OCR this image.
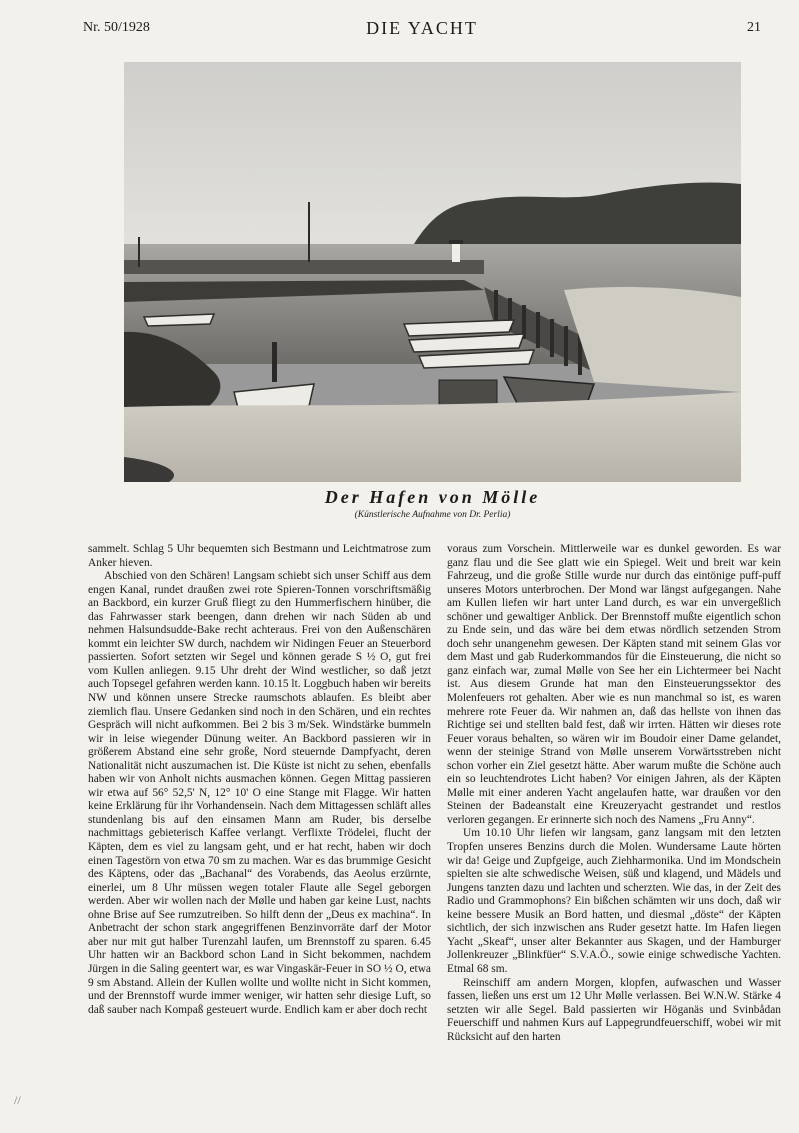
Nr. 50/1928	DIE YACHT	21
Der Hafen von Mölle
(Künstlerische Aufnahme von Dr. Perlia)

sammelt. Schlag 5 Uhr bequemten sich Bestmann und Leichtmatrose zum Anker hieven.

Abschied von den Schären! Langsam schiebt sich unser Schiff aus dem engen Kanal, rundet draußen zwei rote Spieren-Tonnen vorschriftsmäßig an Backbord, ein kurzer Gruß fliegt zu den Hummerfischern hinüber, die das Fahrwasser stark beengen, dann drehen wir nach Süden ab und nehmen Halsundsudde-Bake recht achteraus. Frei von den Außenschären kommt ein leichter SW durch, nachdem wir Nidingen Feuer an Steuerbord passierten. Sofort setzten wir Segel und können gerade S ½ O, gut frei vom Kullen anliegen. 9.15 Uhr dreht der Wind westlicher, so daß jetzt auch Topsegel gefahren werden kann. 10.15 lt. Loggbuch haben wir bereits NW und können unsere Strecke raumschots ablaufen. Es bleibt aber ziemlich flau. Unsere Gedanken sind noch in den Schären, und ein rechtes Gespräch will nicht aufkommen. Bei 2 bis 3 m/Sek. Windstärke bummeln wir in leise wiegender Dünung weiter. An Backbord passieren wir in größerem Abstand eine sehr große, Nord steuernde Dampfyacht, deren Nationalität nicht auszumachen ist. Die Küste ist nicht zu sehen, ebenfalls haben wir von Anholt nichts ausmachen können. Gegen Mittag passieren wir etwa auf 56° 52,5' N, 12° 10' O eine Stange mit Flagge. Wir hatten keine Erklärung für ihr Vorhandensein. Nach dem Mittagessen schläft alles stundenlang bis auf den einsamen Mann am Ruder, bis derselbe nachmittags gebieterisch Kaffee verlangt. Verflixte Trödelei, flucht der Käpten, dem es viel zu langsam geht, und er hat recht, haben wir doch einen Tagestörn von etwa 70 sm zu machen. War es das brummige Gesicht des Käptens, oder das „Bachanal“ des Vorabends, das Aeolus erzürnte, einerlei, um 8 Uhr müssen wegen totaler Flaute alle Segel geborgen werden. Aber wir wollen nach der Mølle und haben gar keine Lust, nachts ohne Brise auf See rumzutreiben. So hilft denn der „Deus ex machina“. In Anbetracht der schon stark angegriffenen Benzinvorräte darf der Motor aber nur mit gut halber Turenzahl laufen, um Brennstoff zu sparen. 6.45 Uhr hatten wir an Backbord schon Land in Sicht bekommen, nachdem Jürgen in die Saling geentert war, es war Vingaskär-Feuer in SO ½ O, etwa 9 sm Abstand. Allein der Kullen wollte und wollte nicht in Sicht kommen, und der Brennstoff wurde immer weniger, wir hatten sehr diesige Luft, so daß sauber nach Kompaß gesteuert wurde. Endlich kam er aber doch recht

voraus zum Vorschein. Mittlerweile war es dunkel geworden. Es war ganz flau und die See glatt wie ein Spiegel. Weit und breit war kein Fahrzeug, und die große Stille wurde nur durch das eintönige puff-puff unseres Motors unterbrochen. Der Mond war längst aufgegangen. Nahe am Kullen liefen wir hart unter Land durch, es war ein unvergeßlich schöner und gewaltiger Anblick. Der Brennstoff mußte eigentlich schon zu Ende sein, und das wäre bei dem etwas nördlich setzenden Strom doch sehr unangenehm gewesen. Der Käpten stand mit seinem Glas vor dem Mast und gab Ruderkommandos für die Einsteuerung, die nicht so ganz einfach war, zumal Mølle von See her ein Lichtermeer bei Nacht ist. Aus diesem Grunde hat man den Einsteuerungssektor des Molenfeuers rot gehalten. Aber wie es nun manchmal so ist, es waren mehrere rote Feuer da. Wir nahmen an, daß das hellste von ihnen das Richtige sei und stellten bald fest, daß wir irrten. Hätten wir dieses rote Feuer voraus behalten, so wären wir im Boudoir einer Dame gelandet, wenn der steinige Strand von Mølle unserem Vorwärtsstreben nicht schon vorher ein Ziel gesetzt hätte. Aber warum mußte die Schöne auch ein so leuchtendrotes Licht haben? Vor einigen Jahren, als der Käpten Mølle mit einer anderen Yacht angelaufen hatte, war draußen vor den Steinen der Badeanstalt eine Kreuzeryacht gestrandet und restlos verloren gegangen. Er erinnerte sich noch des Namens „Fru Anny“.

Um 10.10 Uhr liefen wir langsam, ganz langsam mit den letzten Tropfen unseres Benzins durch die Molen. Wundersame Laute hörten wir da! Geige und Zupfgeige, auch Ziehharmonika. Und im Mondschein spielten sie alte schwedische Weisen, süß und klagend, und Mädels und Jungens tanzten dazu und lachten und scherzten. Wie das, in der Zeit des Radio und Grammophons? Ein bißchen schämten wir uns doch, daß wir keine bessere Musik an Bord hatten, und diesmal „döste“ der Käpten sichtlich, der sich inzwischen ans Ruder gesetzt hatte. Im Hafen liegen Yacht „Skeaf“, unser alter Bekannter aus Skagen, und der Hamburger Jollenkreuzer „Blinkfüer“ S.V.A.Ö., sowie einige schwedische Yachten. Etmal 68 sm.

Reinschiff am andern Morgen, klopfen, aufwaschen und Wasser fassen, ließen uns erst um 12 Uhr Mølle verlassen. Bei W.N.W. Stärke 4 setzten wir alle Segel. Bald passierten wir Höganäs und Svinbådan Feuerschiff und nahmen Kurs auf Lappegrundfeuerschiff, wobei wir mit Rücksicht auf den harten

//
